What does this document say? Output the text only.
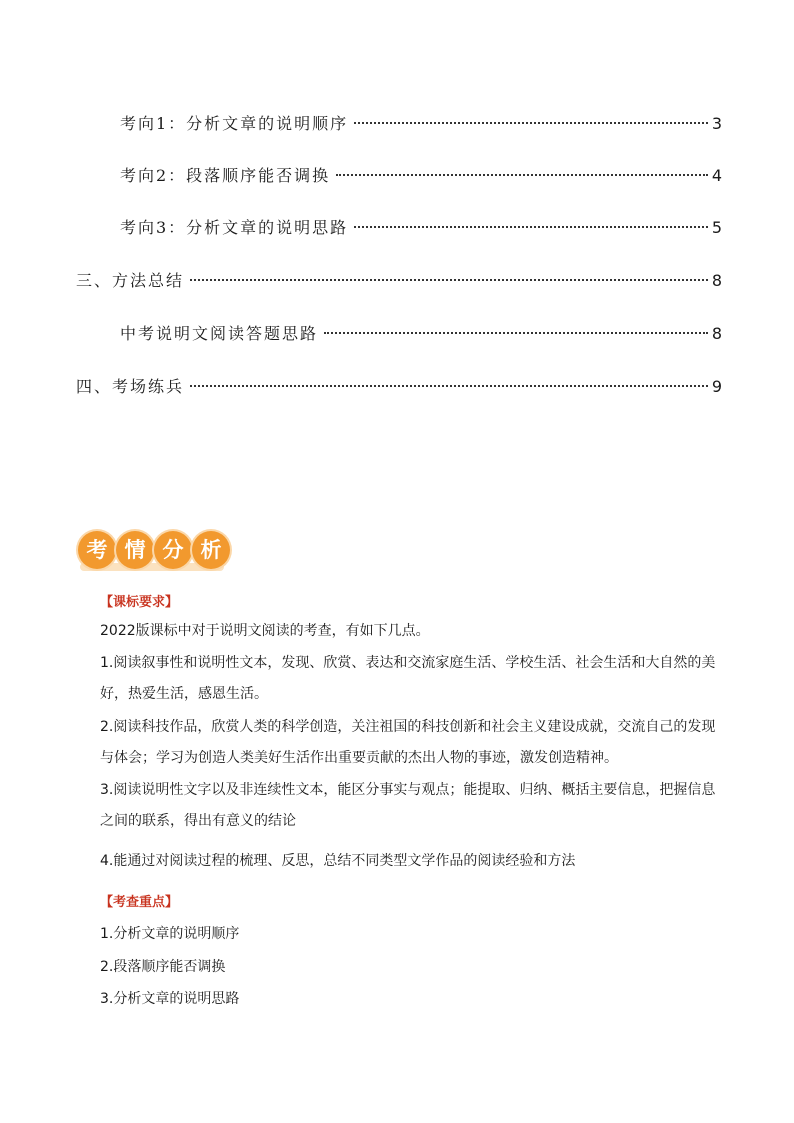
考向1：分析文章的说明顺序	3
考向2：段落顺序能否调换	4
考向3：分析文章的说明思路	5
三、方法总结	8
中考说明文阅读答题思路	8
四、考场练兵	9
考 情 分 析
【课标要求】
2022版课标中对于说明文阅读的考查，有如下几点。
1.阅读叙事性和说明性文本，发现、欣赏、表达和交流家庭生活、学校生活、社会生活和大自然的美好，热爱生活，感恩生活。
2.阅读科技作品，欣赏人类的科学创造，关注祖国的科技创新和社会主义建设成就，交流自己的发现与体会；学习为创造人类美好生活作出重要贡献的杰出人物的事迹，激发创造精神。
3.阅读说明性文字以及非连续性文本，能区分事实与观点；能提取、归纳、概括主要信息，把握信息之间的联系，得出有意义的结论
4.能通过对阅读过程的梳理、反思，总结不同类型文学作品的阅读经验和方法
【考查重点】
1.分析文章的说明顺序
2.段落顺序能否调换
3.分析文章的说明思路
